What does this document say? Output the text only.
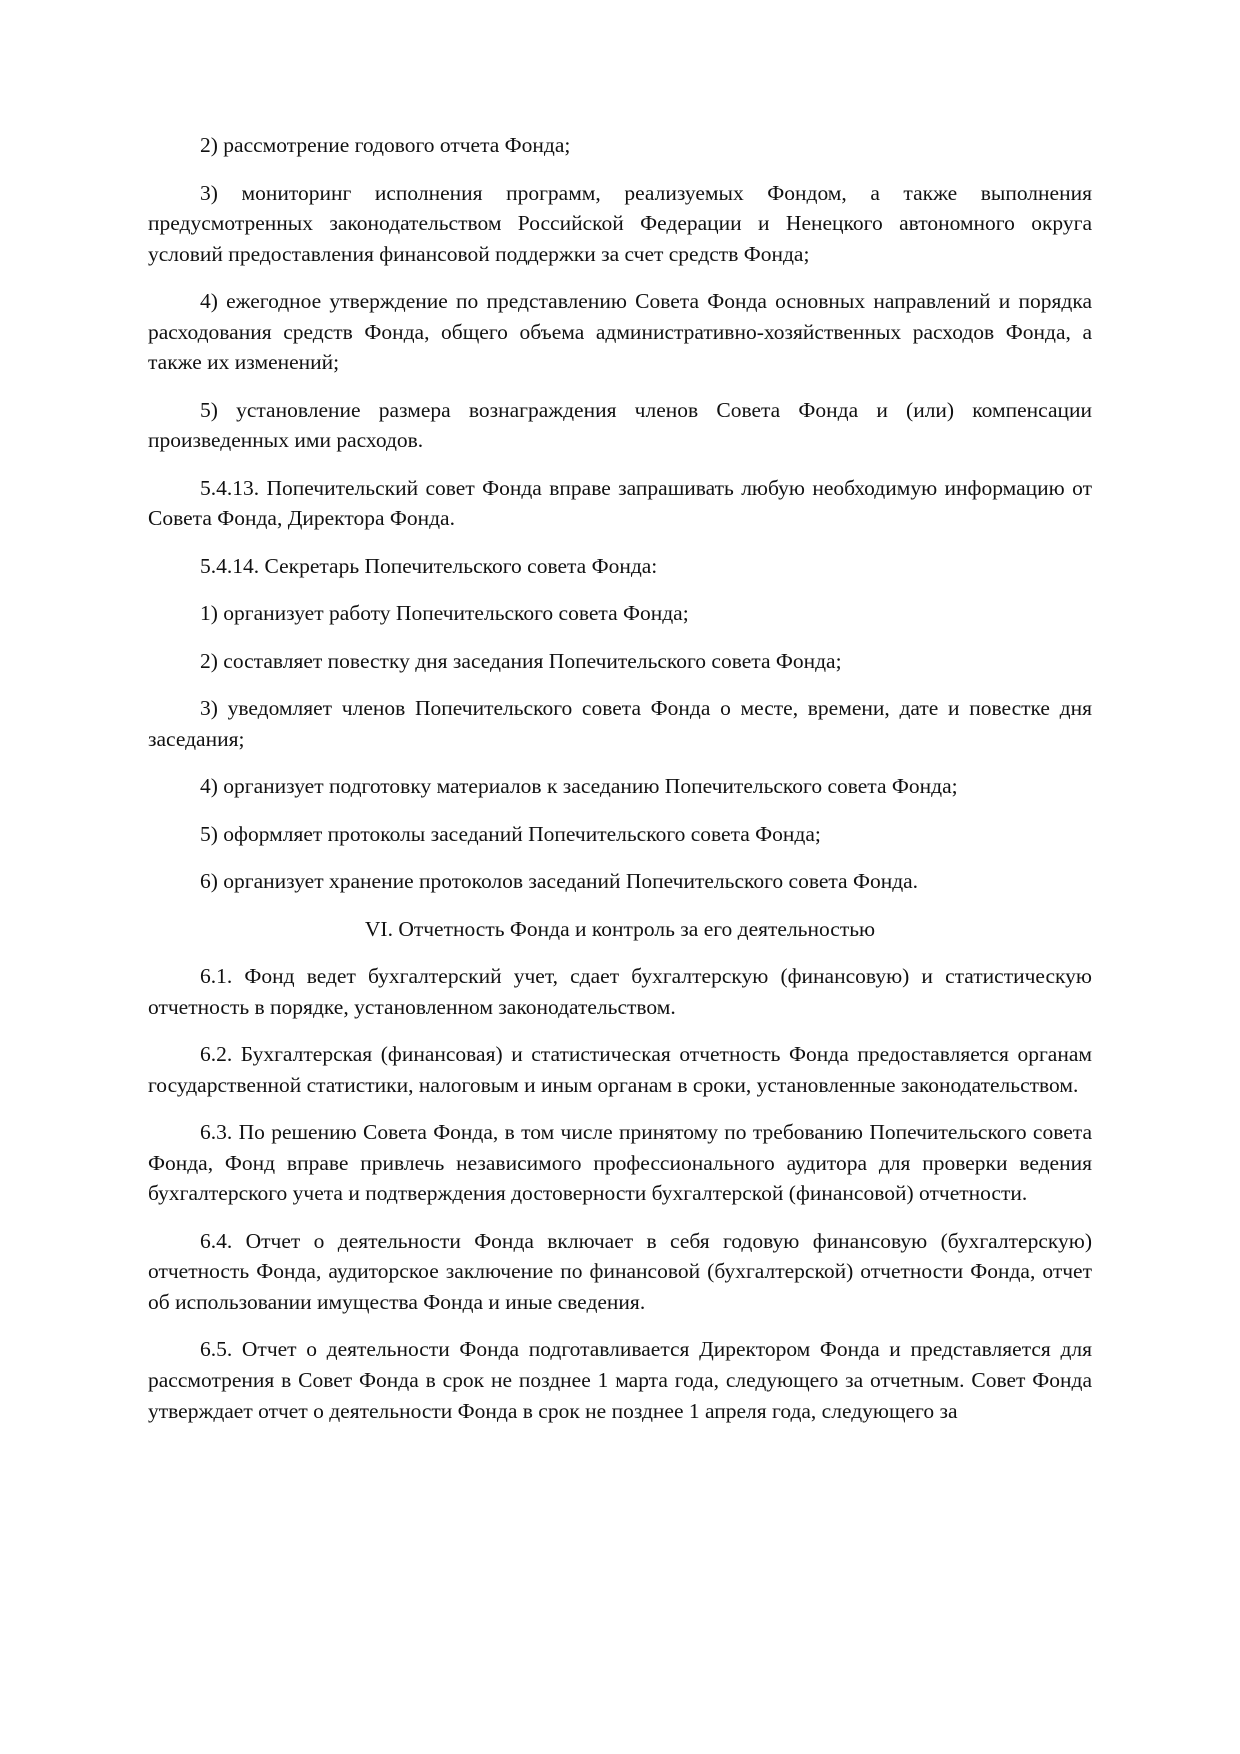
2) рассмотрение годового отчета Фонда;

3) мониторинг исполнения программ, реализуемых Фондом, а также выполнения предусмотренных законодательством Российской Федерации и Ненецкого автономного округа условий предоставления финансовой поддержки за счет средств Фонда;

4) ежегодное утверждение по представлению Совета Фонда основных направлений и порядка расходования средств Фонда, общего объема административно-хозяйственных расходов Фонда, а также их изменений;

5) установление размера вознаграждения членов Совета Фонда и (или) компенсации произведенных ими расходов.

5.4.13. Попечительский совет Фонда вправе запрашивать любую необходимую информацию от Совета Фонда, Директора Фонда.

5.4.14. Секретарь Попечительского совета Фонда:

1) организует работу Попечительского совета Фонда;

2) составляет повестку дня заседания Попечительского совета Фонда;

3) уведомляет членов Попечительского совета Фонда о месте, времени, дате и повестке дня заседания;

4) организует подготовку материалов к заседанию Попечительского совета Фонда;

5) оформляет протоколы заседаний Попечительского совета Фонда;

6) организует хранение протоколов заседаний Попечительского совета Фонда.

VI. Отчетность Фонда и контроль за его деятельностью

6.1. Фонд ведет бухгалтерский учет, сдает бухгалтерскую (финансовую) и статистическую отчетность в порядке, установленном законодательством.

6.2. Бухгалтерская (финансовая) и статистическая отчетность Фонда предоставляется органам государственной статистики, налоговым и иным органам в сроки, установленные законодательством.

6.3. По решению Совета Фонда, в том числе принятому по требованию Попечительского совета Фонда, Фонд вправе привлечь независимого профессионального аудитора для проверки ведения бухгалтерского учета и подтверждения достоверности бухгалтерской (финансовой) отчетности.

6.4. Отчет о деятельности Фонда включает в себя годовую финансовую (бухгалтерскую) отчетность Фонда, аудиторское заключение по финансовой (бухгалтерской) отчетности Фонда, отчет об использовании имущества Фонда и иные сведения.

6.5. Отчет о деятельности Фонда подготавливается Директором Фонда и представляется для рассмотрения в Совет Фонда в срок не позднее 1 марта года, следующего за отчетным. Совет Фонда утверждает отчет о деятельности Фонда в срок не позднее 1 апреля года, следующего за
